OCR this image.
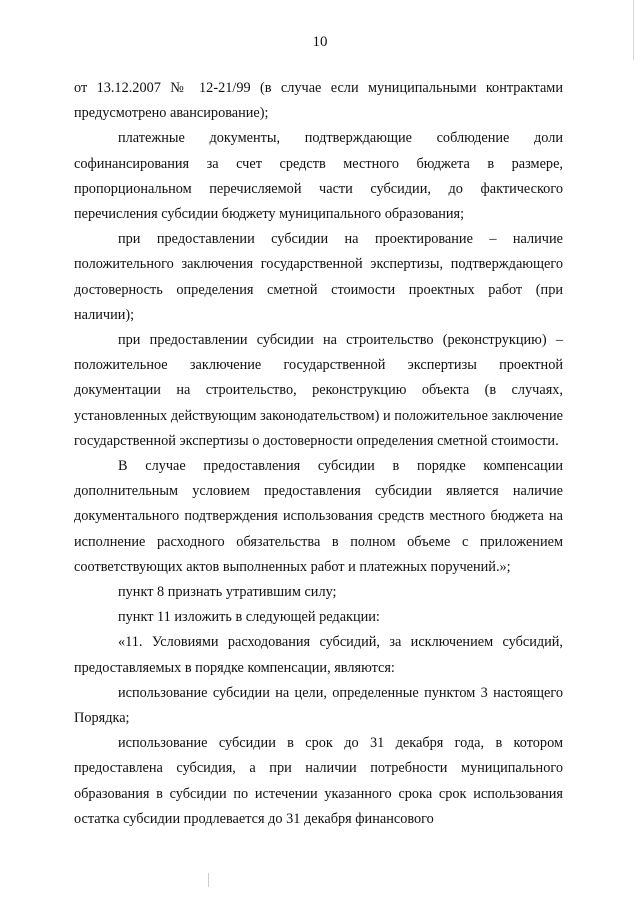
10

от 13.12.2007 № 12-21/99 (в случае если муниципальными контрактами предусмотрено авансирование);

платежные документы, подтверждающие соблюдение доли софинансирования за счет средств местного бюджета в размере, пропорциональном перечисляемой части субсидии, до фактического перечисления субсидии бюджету муниципального образования;

при предоставлении субсидии на проектирование – наличие положительного заключения государственной экспертизы, подтверждающего достоверность определения сметной стоимости проектных работ (при наличии);

при предоставлении субсидии на строительство (реконструкцию) – положительное заключение государственной экспертизы проектной документации на строительство, реконструкцию объекта (в случаях, установленных действующим законодательством) и положительное заключение государственной экспертизы о достоверности определения сметной стоимости.

В случае предоставления субсидии в порядке компенсации дополнительным условием предоставления субсидии является наличие документального подтверждения использования средств местного бюджета на исполнение расходного обязательства в полном объеме с приложением соответствующих актов выполненных работ и платежных поручений.»;

пункт 8 признать утратившим силу;

пункт 11 изложить в следующей редакции:

«11. Условиями расходования субсидий, за исключением субсидий, предоставляемых в порядке компенсации, являются:

использование субсидии на цели, определенные пунктом 3 настоящего Порядка;

использование субсидии в срок до 31 декабря года, в котором предоставлена субсидия, а при наличии потребности муниципального образования в субсидии по истечении указанного срока срок использования остатка субсидии продлевается до 31 декабря финансового
